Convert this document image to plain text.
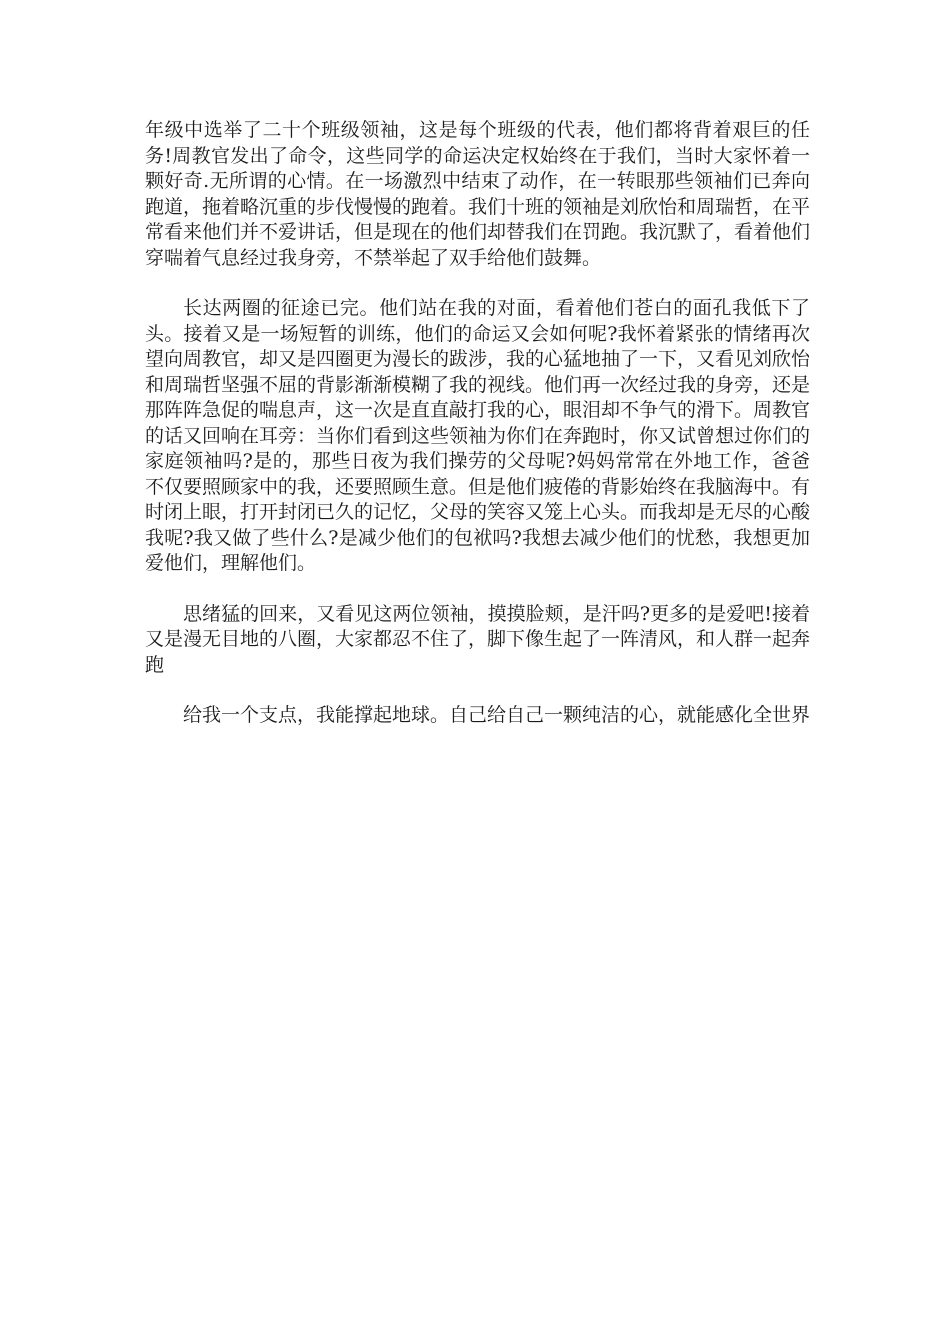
年级中选举了二十个班级领袖，这是每个班级的代表，他们都将背着艰巨的任务!周教官发出了命令，这些同学的命运决定权始终在于我们，当时大家怀着一颗好奇.无所谓的心情。在一场激烈中结束了动作，在一转眼那些领袖们已奔向跑道，拖着略沉重的步伐慢慢的跑着。我们十班的领袖是刘欣怡和周瑞哲，在平常看来他们并不爱讲话，但是现在的他们却替我们在罚跑。我沉默了，看着他们穿喘着气息经过我身旁，不禁举起了双手给他们鼓舞。

长达两圈的征途已完。他们站在我的对面，看着他们苍白的面孔我低下了头。接着又是一场短暂的训练，他们的命运又会如何呢?我怀着紧张的情绪再次望向周教官，却又是四圈更为漫长的跋涉，我的心猛地抽了一下，又看见刘欣怡和周瑞哲坚强不屈的背影渐渐模糊了我的视线。他们再一次经过我的身旁，还是那阵阵急促的喘息声，这一次是直直敲打我的心，眼泪却不争气的滑下。周教官的话又回响在耳旁：当你们看到这些领袖为你们在奔跑时，你又试曾想过你们的家庭领袖吗?是的，那些日夜为我们操劳的父母呢?妈妈常常在外地工作，爸爸不仅要照顾家中的我，还要照顾生意。但是他们疲倦的背影始终在我脑海中。有时闭上眼，打开封闭已久的记忆，父母的笑容又笼上心头。而我却是无尽的心酸我呢?我又做了些什么?是减少他们的包袱吗?我想去减少他们的忧愁，我想更加爱他们，理解他们。

思绪猛的回来，又看见这两位领袖，摸摸脸颊，是汗吗?更多的是爱吧!接着又是漫无目地的八圈，大家都忍不住了，脚下像生起了一阵清风，和人群一起奔跑

给我一个支点，我能撑起地球。自己给自己一颗纯洁的心，就能感化全世界
